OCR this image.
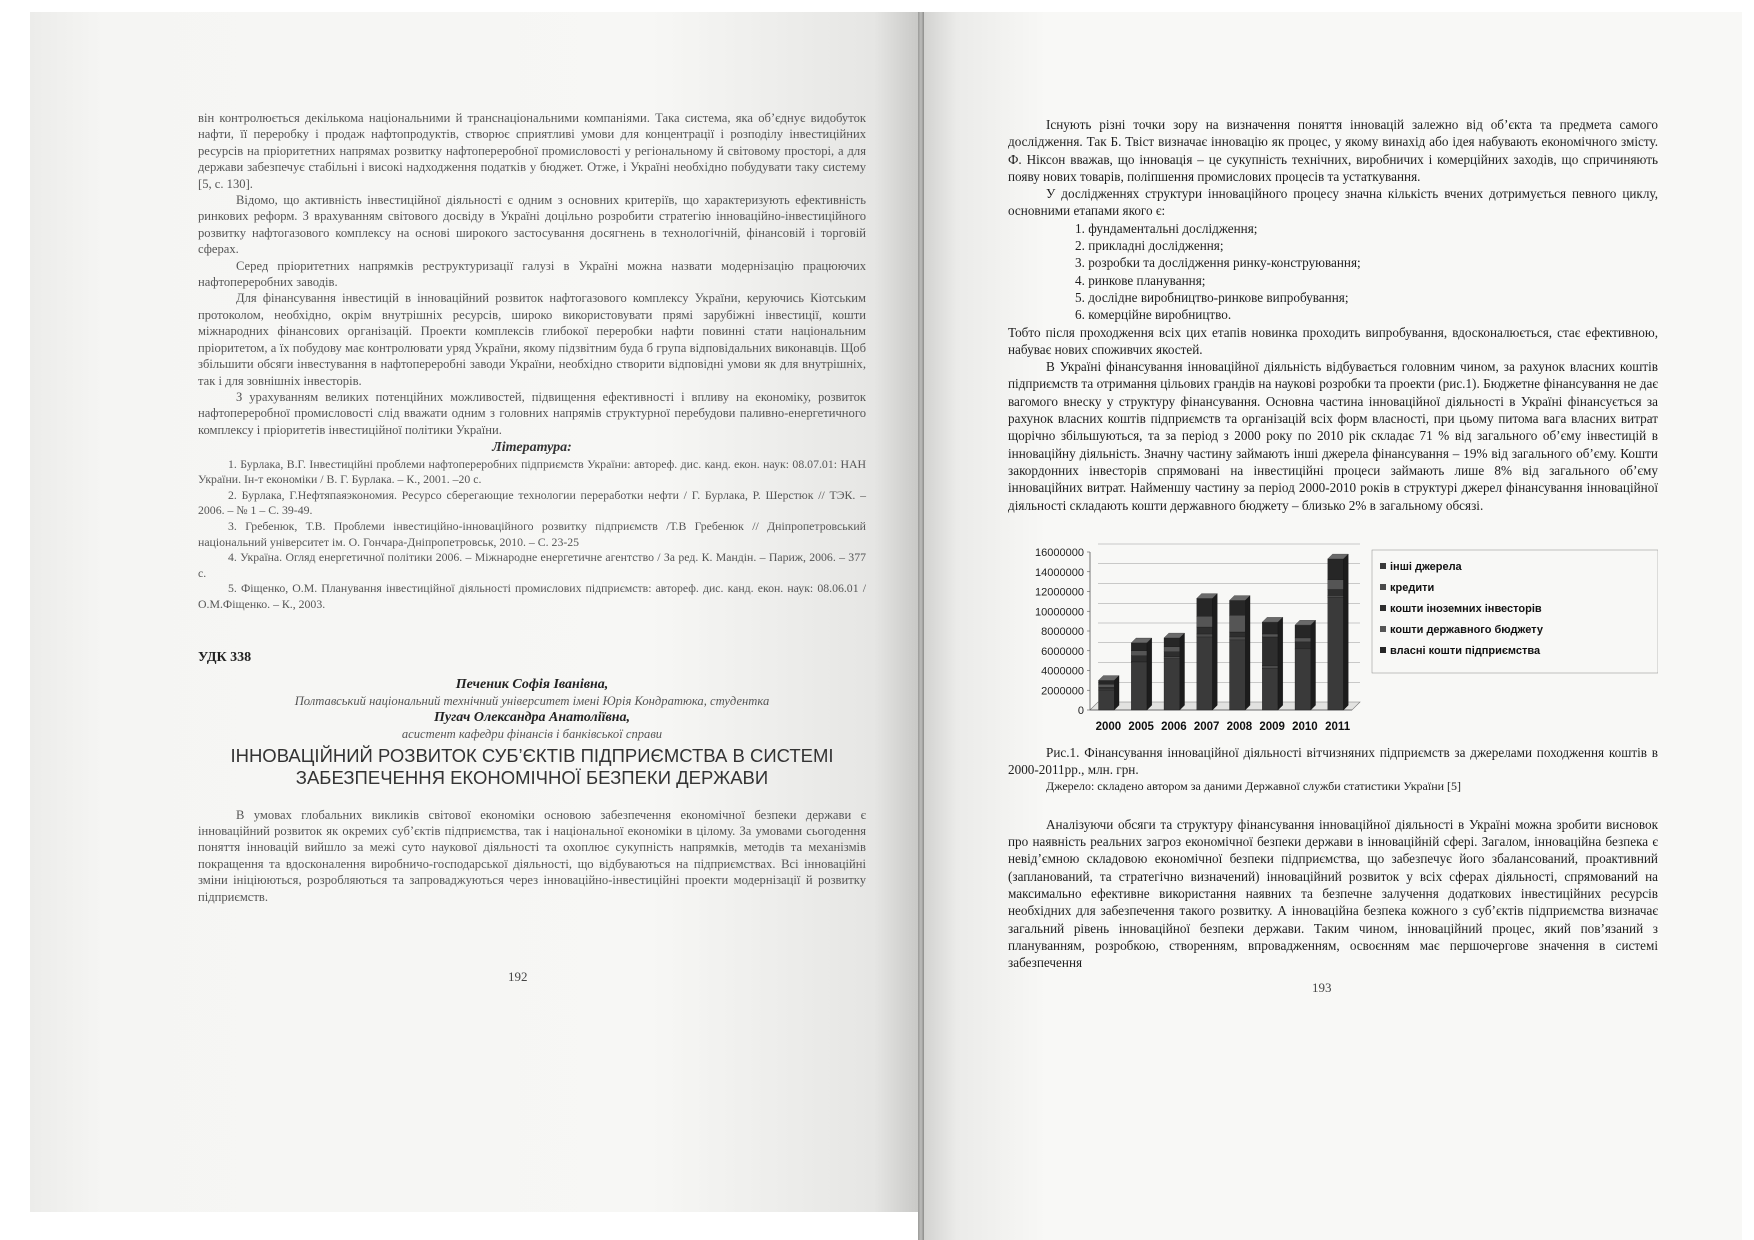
він контролюється декількома національними й транснаціональними компаніями. Така система, яка об’єднує видобуток нафти, її переробку і продаж нафтопродуктів, створює сприятливі умови для концентрації і розподілу інвестиційних ресурсів на пріоритетних напрямах розвитку нафтопереробної промисловості у регіональному й світовому просторі, а для держави забезпечує стабільні і високі надходження податків у бюджет. Отже, і Україні необхідно побудувати таку систему [5, с. 130].

Відомо, що активність інвестиційної діяльності є одним з основних критеріїв, що характеризують ефективність ринкових реформ. З врахуванням світового досвіду в Україні доцільно розробити стратегію інноваційно-інвестиційного розвитку нафтогазового комплексу на основі широкого застосування досягнень в технологічній, фінансовій і торговій сферах.

Серед пріоритетних напрямків реструктуризації галузі в Україні можна назвати модернізацію працюючих нафтопереробних заводів.

Для фінансування інвестицій в інноваційний розвиток нафтогазового комплексу України, керуючись Кіотським протоколом, необхідно, окрім внутрішніх ресурсів, широко використовувати прямі зарубіжні інвестиції, кошти міжнародних фінансових організацій. Проекти комплексів глибокої переробки нафти повинні стати національним пріоритетом, а їх побудову має контролювати уряд України, якому підзвітним буда б група відповідальних виконавців. Щоб збільшити обсяги інвестування в нафтопереробні заводи України, необхідно створити відповідні умови як для внутрішніх, так і для зовнішніх інвесторів.

З урахуванням великих потенційних можливостей, підвищення ефективності і впливу на економіку, розвиток нафтопереробної промисловості слід вважати одним з головних напрямів структурної перебудови паливно-енергетичного комплексу і пріоритетів інвестиційної політики України.

Література:

1. Бурлака, В.Г. Інвестиційні проблеми нафтопереробних підприємств України: автореф. дис. канд. екон. наук: 08.07.01: НАН України. Ін-т економіки / В. Г. Бурлака. – К., 2001. –20 с.

2. Бурлака, Г.Нефтяпаяэкономия. Ресурсо сберегающие технологии переработки нефти / Г. Бурлака, Р. Шерстюк // ТЭК. – 2006. – № 1 – С. 39-49.

3. Гребенюк, Т.В. Проблеми інвестиційно-інноваційного розвитку підприємств /Т.В Гребенюк // Дніпропетровський національний університет ім. О. Гончара-Дніпропетровськ, 2010. – С. 23-25

4. Україна. Огляд енергетичної політики 2006. – Міжнародне енергетичне агентство / За ред. К. Мандін. – Париж, 2006. – 377 с.

5. Фіщенко, О.М. Планування інвестиційної діяльності промислових підприємств: автореф. дис. канд. екон. наук: 08.06.01 / О.М.Фіщенко. – К., 2003.

УДК 338

Печеник Софія Іванівна,

Полтавський національний технічний університет імені Юрія Кондратюка, студентка

Пугач Олександра Анатоліївна,

асистент кафедри фінансів і банківської справи

ІННОВАЦІЙНИЙ РОЗВИТОК СУБ’ЄКТІВ ПІДПРИЄМСТВА В СИСТЕМІ ЗАБЕЗПЕЧЕННЯ ЕКОНОМІЧНОЇ БЕЗПЕКИ ДЕРЖАВИ

В умовах глобальних викликів світової економіки основою забезпечення економічної безпеки держави є інноваційний розвиток як окремих суб’єктів підприємства, так і національної економіки в цілому. За умовами сьогодення поняття інновацій вийшло за межі суто наукової діяльності та охоплює сукупність напрямків, методів та механізмів покращення та вдосконалення виробничо-господарської діяльності, що відбуваються на підприємствах. Всі інноваційні зміни ініціюються, розробляються та запроваджуються через інноваційно-інвестиційні проекти модернізації й розвитку підприємств.

192

Існують різні точки зору на визначення поняття інновацій залежно від об’єкта та предмета самого дослідження. Так Б. Твіст визначає інновацію як процес, у якому винахід або ідея набувають економічного змісту. Ф. Ніксон вважав, що інновація – це сукупність технічних, виробничих і комерційних заходів, що спричиняють появу нових товарів, поліпшення промислових процесів та устаткування.

У дослідженнях структури інноваційного процесу значна кількість вчених дотримується певного циклу, основними етапами якого є:

1. фундаментальні дослідження;
2. прикладні дослідження;
3. розробки та дослідження ринку-конструювання;
4. ринкове планування;
5. дослідне виробництво-ринкове випробування;
6. комерційне виробництво.

Тобто після проходження всіх цих етапів новинка проходить випробування, вдосконалюється, стає ефективною, набуває нових споживчих якостей.

В Україні фінансування інноваційної діяльність відбувається головним чином, за рахунок власних коштів підприємств та отримання цільових грандів на наукові розробки та проекти (рис.1). Бюджетне фінансування не дає вагомого внеску у структуру фінансування. Основна частина інноваційної діяльності в Україні фінансується за рахунок власних коштів підприємств та організацій всіх форм власності, при цьому питома вага власних витрат щорічно збільшуються, та за період з 2000 року по 2010 рік складає 71 % від загального об’єму інвестицій в інноваційну діяльність. Значну частину займають інші джерела фінансування – 19% від загального об’єму. Кошти закордонних інвесторів спрямовані на інвестиційні процеси займають лише 8% від загального об’єму інноваційних витрат. Найменшу частину за період 2000-2010 років в структурі джерел фінансування інноваційної діяльності складають кошти державного бюджету – близько 2% в загальному обсязі.

16000000
14000000
12000000
10000000
8000000
6000000
4000000
2000000
0
2000 2005 2006 2007 2008 2009 2010 2011
інші джерела
кредити
кошти іноземних інвесторів
кошти державного бюджету
власні кошти підприємства

Рис.1. Фінансування інноваційної діяльності вітчизняних підприємств за джерелами походження коштів в 2000-2011рр., млн. грн.

Джерело: складено автором за даними Державної служби статистики України [5]

Аналізуючи обсяги та структуру фінансування інноваційної діяльності в Україні можна зробити висновок про наявність реальних загроз економічної безпеки держави в інноваційній сфері. Загалом, інноваційна безпека є невід’ємною складовою економічної безпеки підприємства, що забезпечує його збалансований, проактивний (запланований, та стратегічно визначений) інноваційний розвиток у всіх сферах діяльності, спрямований на максимально ефективне використання наявних та безпечне залучення додаткових інвестиційних ресурсів необхідних для забезпечення такого розвитку. А інноваційна безпека кожного з суб’єктів підприємства визначає загальний рівень інноваційної безпеки держави. Таким чином, інноваційний процес, який пов’язаний з плануванням, розробкою, створенням, впровадженням, освоєнням має першочергове значення в системі забезпечення

193
